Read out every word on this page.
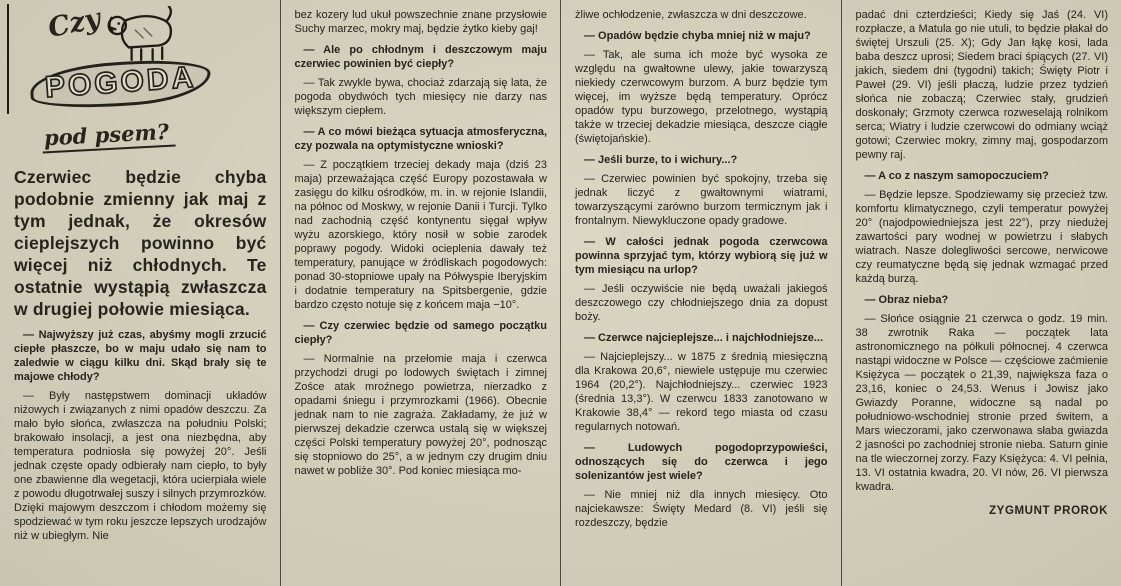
Czy
POGODA
pod psem?

Czerwiec będzie chyba podobnie zmienny jak maj z tym jednak, że okresów cieplejszych powinno być więcej niż chłodnych. Te ostatnie wystąpią zwłaszcza w drugiej połowie miesiąca.

— Najwyższy już czas, abyśmy mogli zrzucić ciepłe płaszcze, bo w maju udało się nam to zaledwie w ciągu kilku dni. Skąd brały się te majowe chłody?

— Były następstwem dominacji układów niżowych i związanych z nimi opadów deszczu. Za mało było słońca, zwłaszcza na południu Polski; brakowało insolacji, a jest ona niezbędna, aby temperatura podniosła się powyżej 20°. Jeśli jednak częste opady odbierały nam ciepło, to były one zbawienne dla wegetacji, która ucierpiała wiele z powodu długotrwałej suszy i silnych przymrozków. Dzięki majowym deszczom i chłodom możemy się spodziewać w tym roku jeszcze lepszych urodzajów niż w ubiegłym. Nie

bez kozery lud ukuł powszechnie znane przysłowie Suchy marzec, mokry maj, będzie żytko kieby gaj!

— Ale po chłodnym i deszczowym maju czerwiec powinien być ciepły?

— Tak zwykle bywa, chociaż zdarzają się lata, że pogoda obydwóch tych miesięcy nie darzy nas większym ciepłem.

— A co mówi bieżąca sytuacja atmosferyczna, czy pozwala na optymistyczne wnioski?

— Z początkiem trzeciej dekady maja (dziś 23 maja) przeważająca część Europy pozostawała w zasięgu do kilku ośrodków, m. in. w rejonie Islandii, na północ od Moskwy, w rejonie Danii i Turcji. Tylko nad zachodnią część kontynentu sięgał wpływ wyżu azorskiego, który nosił w sobie zarodek poprawy pogody. Widoki ocieplenia dawały też temperatury, panujące w źródliskach pogodowych: ponad 30-stopniowe upały na Półwyspie Iberyjskim i dodatnie temperatury na Spitsbergenie, gdzie bardzo często notuje się z końcem maja −10°.

— Czy czerwiec będzie od samego początku ciepły?

— Normalnie na przełomie maja i czerwca przychodzi drugi po lodowych świętach i zimnej Zośce atak mroźnego powietrza, nierzadko z opadami śniegu i przymrozkami (1966). Obecnie jednak nam to nie zagraża. Zakładamy, że już w pierwszej dekadzie czerwca ustalą się w większej części Polski temperatury powyżej 20°, podnosząc się stopniowo do 25°, a w jednym czy drugim dniu nawet w pobliże 30°. Pod koniec miesiąca mo-

żliwe ochłodzenie, zwłaszcza w dni deszczowe.

— Opadów będzie chyba mniej niż w maju?

— Tak, ale suma ich może być wysoka ze względu na gwałtowne ulewy, jakie towarzyszą niekiedy czerwcowym burzom. A burz będzie tym więcej, im wyższe będą temperatury. Oprócz opadów typu burzowego, przelotnego, wystąpią także w trzeciej dekadzie miesiąca, deszcze ciągłe (świętojańskie).

— Jeśli burze, to i wichury...?

— Czerwiec powinien być spokojny, trzeba się jednak liczyć z gwałtownymi wiatrami, towarzyszącymi zarówno burzom termicznym jak i frontalnym. Niewykluczone opady gradowe.

— W całości jednak pogoda czerwcowa powinna sprzyjać tym, którzy wybiorą się już w tym miesiącu na urlop?

— Jeśli oczywiście nie będą uważali jakiegoś deszczowego czy chłodniejszego dnia za dopust boży.

— Czerwce najcieplejsze... i najchłodniejsze...

— Najcieplejszy... w 1875 z średnią miesięczną dla Krakowa 20,6°, niewiele ustępuje mu czerwiec 1964 (20,2°). Najchłodniejszy... czerwiec 1923 (średnia 13,3°). W czerwcu 1833 zanotowano w Krakowie 38,4° — rekord tego miasta od czasu regularnych notowań.

— Ludowych pogodoprzypowieści, odnoszących się do czerwca i jego solenizantów jest wiele?

— Nie mniej niż dla innych miesięcy. Oto najciekawsze: Święty Medard (8. VI) jeśli się rozdeszczy, będzie

padać dni czterdzieści; Kiedy się Jaś (24. VI) rozpłacze, a Matula go nie utuli, to będzie płakał do świętej Urszuli (25. X); Gdy Jan łąkę kosi, lada baba deszcz uprosi; Siedem braci śpiących (27. VI) jakich, siedem dni (tygodni) takich; Święty Piotr i Paweł (29. VI) jeśli płaczą, ludzie przez tydzień słońca nie zobaczą; Czerwiec stały, grudzień doskonały; Grzmoty czerwca rozweselają rolnikom serca; Wiatry i ludzie czerwcowi do odmiany wciąż gotowi; Czerwiec mokry, zimny maj, gospodarzom pewny raj.

— A co z naszym samopoczuciem?

— Będzie lepsze. Spodziewamy się przecież tzw. komfortu klimatycznego, czyli temperatur powyżej 20° (najodpowiedniejsza jest 22°), przy niedużej zawartości pary wodnej w powietrzu i słabych wiatrach. Nasze dolegliwości sercowe, nerwicowe czy reumatyczne będą się jednak wzmagać przed każdą burzą.

— Obraz nieba?

— Słońce osiągnie 21 czerwca o godz. 19 min. 38 zwrotnik Raka — początek lata astronomicznego na półkuli północnej. 4 czerwca nastąpi widoczne w Polsce — częściowe zaćmienie Księżyca — początek o 21,39, największa faza o 23,16, koniec o 24,53. Wenus i Jowisz jako Gwiazdy Poranne, widoczne są nadal po południowo-wschodniej stronie przed świtem, a Mars wieczorami, jako czerwonawa słaba gwiazda 2 jasności po zachodniej stronie nieba. Saturn ginie na tle wieczornej zorzy. Fazy Księżyca: 4. VI pełnia, 13. VI ostatnia kwadra, 20. VI nów, 26. VI pierwsza kwadra.

ZYGMUNT PROROK
